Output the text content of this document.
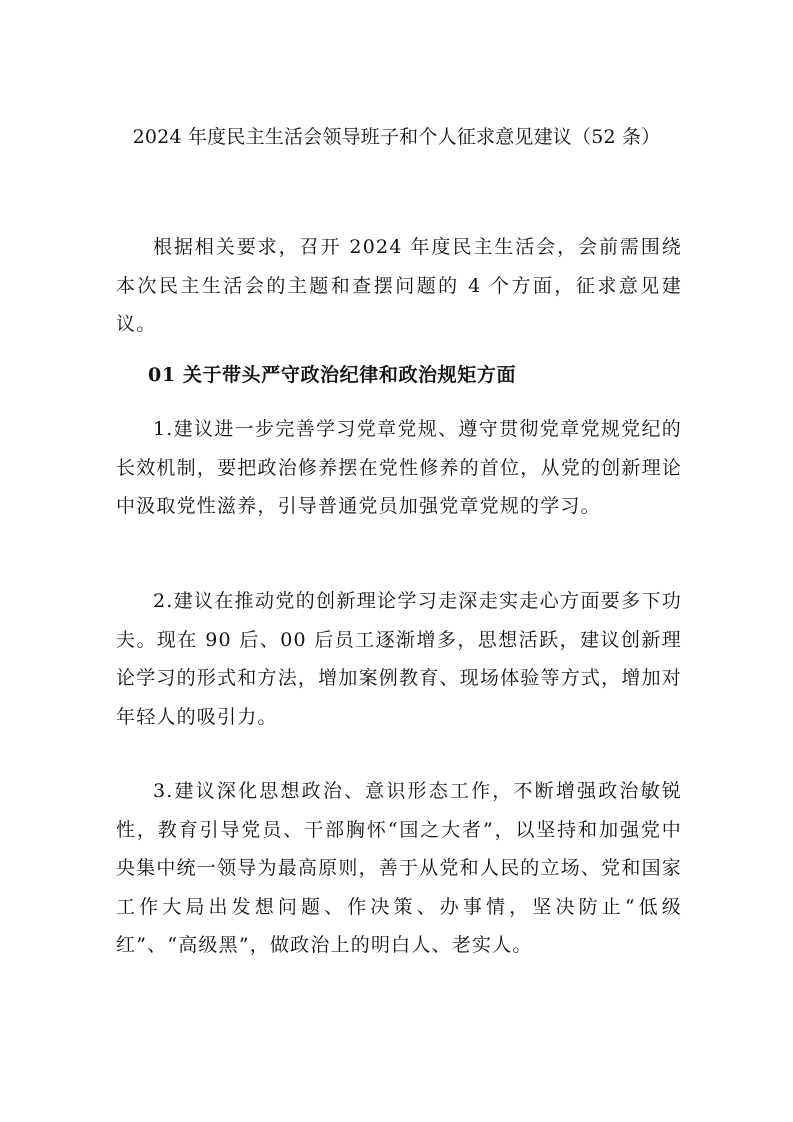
2024 年度民主生活会领导班子和个人征求意见建议（52 条）
根据相关要求，召开 2024 年度民主生活会，会前需围绕本次民主生活会的主题和查摆问题的 4 个方面，征求意见建议。
01 关于带头严守政治纪律和政治规矩方面
1.建议进一步完善学习党章党规、遵守贯彻党章党规党纪的长效机制，要把政治修养摆在党性修养的首位，从党的创新理论中汲取党性滋养，引导普通党员加强党章党规的学习。
2.建议在推动党的创新理论学习走深走实走心方面要多下功夫。现在 90 后、00 后员工逐渐增多，思想活跃，建议创新理论学习的形式和方法，增加案例教育、现场体验等方式，增加对年轻人的吸引力。
3.建议深化思想政治、意识形态工作，不断增强政治敏锐性，教育引导党员、干部胸怀“国之大者”，以坚持和加强党中央集中统一领导为最高原则，善于从党和人民的立场、党和国家工作大局出发想问题、作决策、办事情，坚决防止“低级红”、“高级黑”，做政治上的明白人、老实人。
